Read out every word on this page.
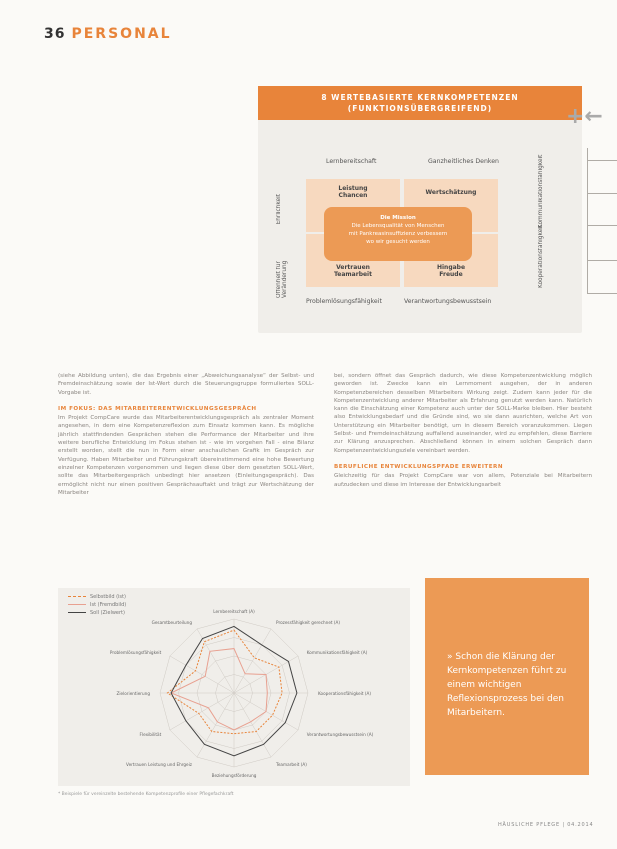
36 PERSONAL
8 WERTEBASIERTE KERNKOMPETENZEN
(FUNKTIONSÜBERGREIFEND)
Lernbereitschaft	Ganzheitliches Denken
Problemlösungsfähigkeit	Verantwortungsbewusstsein
Leistung
Chancen	Wertschätzung
Vertrauen
Teamarbeit
Hingabe
Freude
Die Mission
Die Lebensqualität von Menschen
mit Pankreasinsuffizienz verbessern
wo wir gesucht werden
Ehrlichkeit
Offenheit für Veränderung
Kommunikationsfähigkeit
Kooperationsfähigkeit
+←

(siehe Abbildung unten), die das Ergebnis einer „Abweichungsanalyse“ der Selbst- und Fremdeinschätzung sowie der Ist-Wert durch die Steuerungsgruppe formuliertes SOLL-Vorgabe ist.

IM FOKUS: DAS MITARBEITERENTWICKLUNGSGESPRÄCH

Im Projekt CompCare wurde das Mitarbeiterentwicklungsgespräch als zentraler Moment angesehen, in dem eine Kompetenzreflexion zum Einsatz kommen kann. Es mögliche jährlich stattfindenden Gesprächen stehen die Performance der Mitarbeiter und ihre weitere berufliche Entwicklung im Fokus stehen ist - wie im vorgehen Fall - eine Bilanz erstellt worden, stellt die nun in Form einer anschaulichen Grafik im Gespräch zur Verfügung. Haben Mitarbeiter und Führungskraft übereinstimmend eine hohe Bewertung einzelner Kompetenzen vorgenommen und liegen diese über dem gesetzten SOLL-Wert, sollte das Mitarbeitergespräch unbedingt hier ansetzen (Einleitungsgespräch). Das ermöglicht nicht nur einen positiven Gesprächsauftakt und trägt zur Wertschätzung der Mitarbeiter

bei, sondern öffnet das Gespräch dadurch, wie diese Kompetenzentwicklung möglich geworden ist. Zwecke kann ein Lernmoment ausgehen, der in anderen Kompetenzbereichen desselben Mitarbeiters Wirkung zeigt. Zudem kann jeder für die Kompetenzentwicklung anderer Mitarbeiter als Erfahrung genutzt werden kann. Natürlich kann die Einschätzung einer Kompetenz auch unter der SOLL-Marke bleiben. Hier besteht also Entwicklungsbedarf und die Gründe sind, wo sie dann ausrichten, welche Art von Unterstützung ein Mitarbeiter benötigt, um in diesem Bereich voranzukommen. Liegen Selbst- und Fremdeinschätzung auffallend auseinander, wird zu empfehlen, diese Barriere zur Klärung anzusprechen. Abschließend können in einem solchen Gespräch dann Kompetenzentwicklungsziele vereinbart werden.

BERUFLICHE ENTWICKLUNGSPFADE ERWEITERN

Gleichzeitig für das Projekt CompCare war von allem, Potenziale bei Mitarbeitern aufzudecken und diese im Interesse der Entwicklungsarbeit

Selbstbild (ist)
Ist (Fremdbild)
Soll (Zielwert)	Lernbereitschaft (A)
Prozessfähigkeit gerechnet (A)
Kommunikationsfähigkeit (A)
Kooperationsfähigkeit (A)
Verantwortungsbewusstsein (A)
Teamarbeit (A)
Beziehungsförderung
Vertrauen Leistung und Ehrgeiz
Flexibilität
Zielorientierung
Problemlösungsfähigkeit
Gesamtbeurteilung
» Schon die Klärung der Kernkompetenzen führt zu einem wichtigen Reflexionsprozess bei den Mitarbeitern.
* Beispiele für vereinzelte bestehende Kompetenzprofile einer Pflegefachkraft
HÄUSLICHE PFLEGE | 04.2014
